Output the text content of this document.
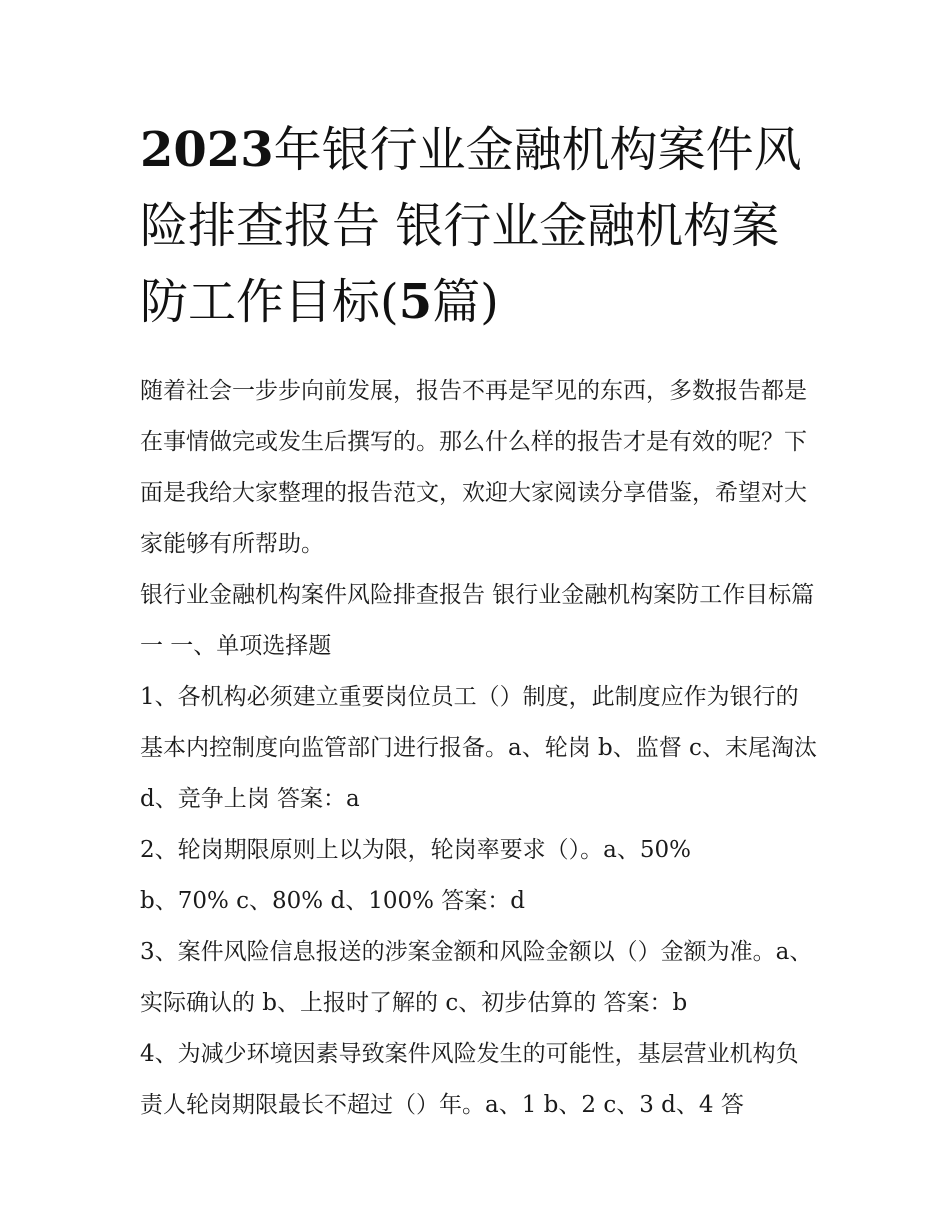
2023年银行业金融机构案件风险排查报告 银行业金融机构案防工作目标(5篇)

随着社会一步步向前发展，报告不再是罕见的东西，多数报告都是在事情做完或发生后撰写的。那么什么样的报告才是有效的呢？下面是我给大家整理的报告范文，欢迎大家阅读分享借鉴，希望对大家能够有所帮助。

银行业金融机构案件风险排查报告 银行业金融机构案防工作目标篇一 一、单项选择题

1、各机构必须建立重要岗位员工（）制度，此制度应作为银行的基本内控制度向监管部门进行报备。a、轮岗 b、监督 c、末尾淘汰 d、竞争上岗 答案：a

2、轮岗期限原则上以为限，轮岗率要求（）。a、50%

b、70% c、80% d、100% 答案：d

3、案件风险信息报送的涉案金额和风险金额以（）金额为准。a、实际确认的 b、上报时了解的 c、初步估算的 答案：b

4、为减少环境因素导致案件风险发生的可能性，基层营业机构负责人轮岗期限最长不超过（）年。a、1 b、2 c、3 d、4 答
